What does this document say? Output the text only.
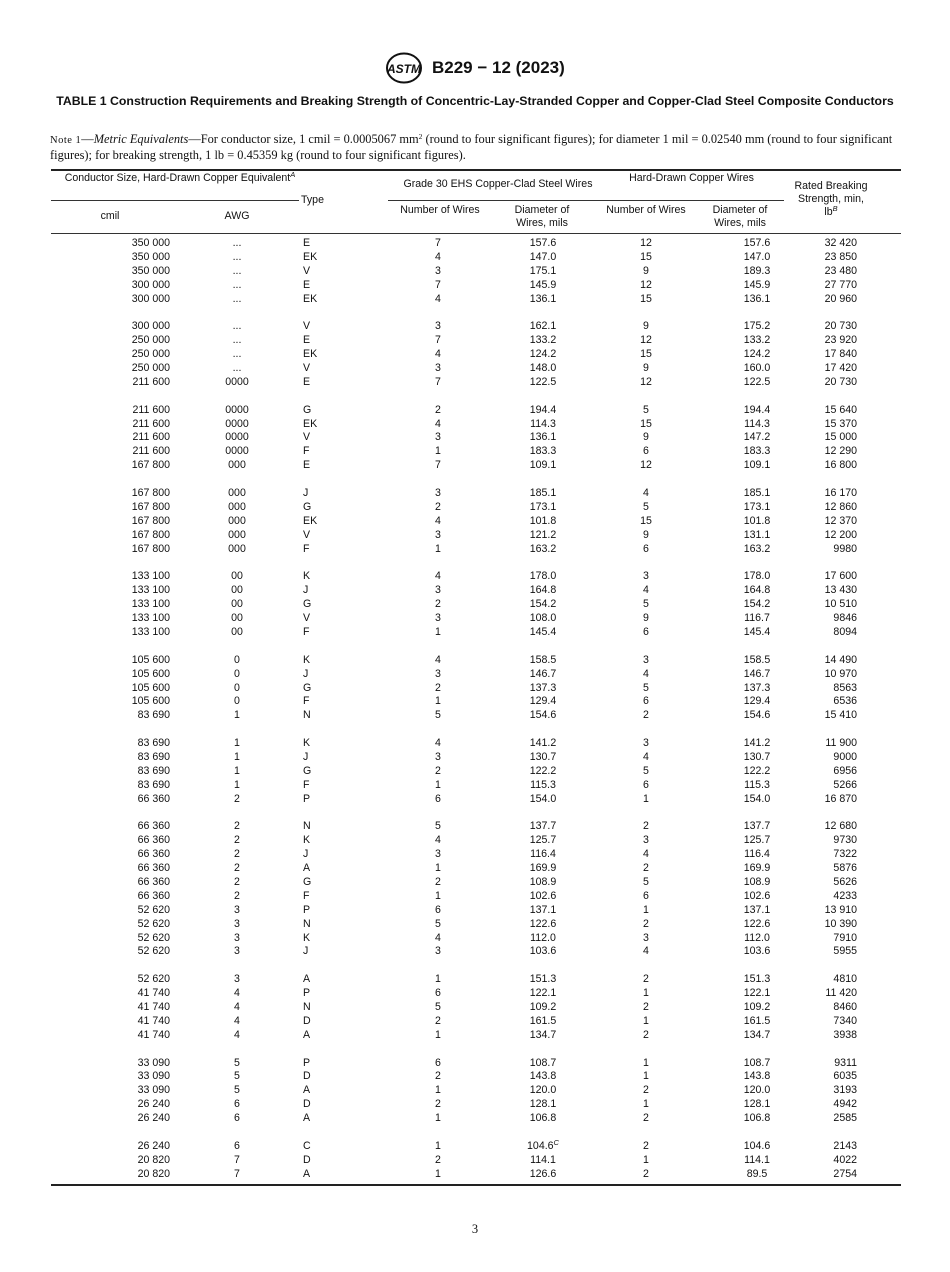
ASTM B229 − 12 (2023)
TABLE 1 Construction Requirements and Breaking Strength of Concentric-Lay-Stranded Copper and Copper-Clad Steel Composite Conductors
Note 1—Metric Equivalents—For conductor size, 1 cmil = 0.0005067 $mm^2$ (round to four significant figures); for diameter 1 mil = 0.02540 mm (round to four significant figures); for breaking strength, 1 lb = 0.45359 kg (round to four significant figures).
Conductor Size, Hard-Drawn Copper Equivalent$^A$
cmil	AWG
Type
Grade 30 EHS Copper-Clad Steel Wires	Hard-Drawn Copper Wires
Number of Wires	Diameter of Wires, mils
Number of Wires	Diameter of Wires, mils
Rated Breaking Strength, min, $lb^B$
350 000	...	E	7	157.6	12	157.6	32 420
350 000	...	EK	4	147.0	15	147.0	23 850
350 000	...	V	3	175.1	9	189.3	23 480
300 000	...	E	7	145.9	12	145.9	27 770
300 000	...	EK	4	136.1	15	136.1	20 960
300 000	...	V	3	162.1	9	175.2	20 730
250 000	...	E	7	133.2	12	133.2	23 920
250 000	...	EK	4	124.2	15	124.2	17 840
250 000	...	V	3	148.0	9	160.0	17 420
211 600	0000	E	7	122.5	12	122.5	20 730
211 600	0000	G	2	194.4	5	194.4	15 640
211 600	0000	EK	4	114.3	15	114.3	15 370
211 600	0000	V	3	136.1	9	147.2	15 000
211 600	0000	F	1	183.3	6	183.3	12 290
167 800	000	E	7	109.1	12	109.1	16 800
167 800	000	J	3	185.1	4	185.1	16 170
167 800	000	G	2	173.1	5	173.1	12 860
167 800	000	EK	4	101.8	15	101.8	12 370
167 800	000	V	3	121.2	9	131.1	12 200
167 800	000	F	1	163.2	6	163.2	9980
133 100	00	K	4	178.0	3	178.0	17 600
133 100	00	J	3	164.8	4	164.8	13 430
133 100	00	G	2	154.2	5	154.2	10 510
133 100	00	V	3	108.0	9	116.7	9846
133 100	00	F	1	145.4	6	145.4	8094
105 600	0	K	4	158.5	3	158.5	14 490
105 600	0	J	3	146.7	4	146.7	10 970
105 600	0	G	2	137.3	5	137.3	8563
105 600	0	F	1	129.4	6	129.4	6536
83 690	1	N	5	154.6	2	154.6	15 410
83 690	1	K	4	141.2	3	141.2	11 900
83 690	1	J	3	130.7	4	130.7	9000
83 690	1	G	2	122.2	5	122.2	6956
83 690	1	F	1	115.3	6	115.3	5266
66 360	2	P	6	154.0	1	154.0	16 870
66 360	2	N	5	137.7	2	137.7	12 680
66 360	2	K	4	125.7	3	125.7	9730
66 360	2	J	3	116.4	4	116.4	7322
66 360	2	A	1	169.9	2	169.9	5876
66 360	2	G	2	108.9	5	108.9	5626
66 360	2	F	1	102.6	6	102.6	4233
52 620	3	P	6	137.1	1	137.1	13 910
52 620	3	N	5	122.6	2	122.6	10 390
52 620	3	K	4	112.0	3	112.0	7910
52 620	3	J	3	103.6	4	103.6	5955
52 620	3	A	1	151.3	2	151.3	4810
41 740	4	P	6	122.1	1	122.1	11 420
41 740	4	N	5	109.2	2	109.2	8460
41 740	4	D	2	161.5	1	161.5	7340
41 740	4	A	1	134.7	2	134.7	3938
33 090	5	P	6	108.7	1	108.7	9311
33 090	5	D	2	143.8	1	143.8	6035
33 090	5	A	1	120.0	2	120.0	3193
26 240	6	D	2	128.1	1	128.1	4942
26 240	6	A	1	106.8	2	106.8	2585
26 240	6	C	1	$104.6^C$	2	104.6	2143
20 820	7	D	2	114.1	1	114.1	4022
20 820	7	A	1	126.6	2	89.5	2754
3
